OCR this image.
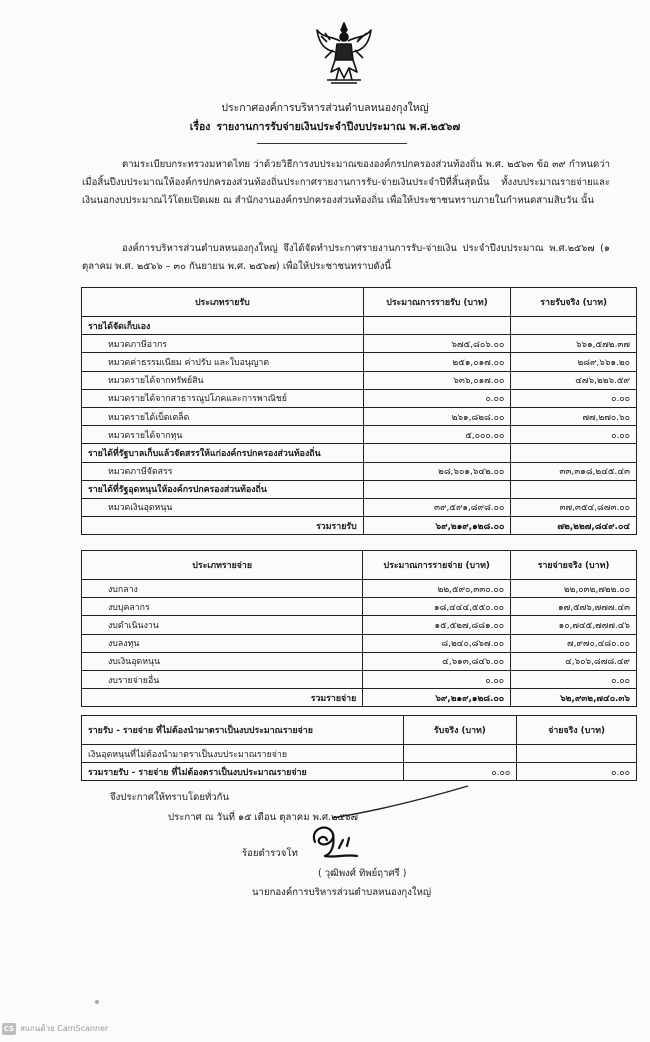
ประกาศองค์การบริหารส่วนตำบลหนองกุงใหญ่
เรื่อง รายงานการรับจ่ายเงินประจำปีงบประมาณ พ.ศ.๒๕๖๗
ตามระเบียบกระทรวงมหาดไทย ว่าด้วยวิธีการงบประมาณขององค์กรปกครองส่วนท้องถิ่น พ.ศ. ๒๕๖๓ ข้อ ๓๙ กำหนดว่าเมื่อสิ้นปีงบประมาณให้องค์กรปกครองส่วนท้องถิ่นประกาศรายงานการรับ-จ่ายเงินประจำปีที่สิ้นสุดนั้น ทั้งงบประมาณรายจ่ายและเงินนอกงบประมาณไว้โดยเปิดเผย ณ สำนักงานองค์กรปกครองส่วนท้องถิ่น เพื่อให้ประชาชนทราบภายในกำหนดสามสิบวัน นั้น
องค์การบริหารส่วนตำบลหนองกุงใหญ่ จึงได้จัดทำประกาศรายงานการรับ-จ่ายเงิน ประจำปีงบประมาณ พ.ศ.๒๕๖๗ (๑ ตุลาคม พ.ศ. ๒๕๖๖ – ๓๐ กันยายน พ.ศ. ๒๕๖๗) เพื่อให้ประชาชนทราบดังนี้
ประเภทรายรับ	ประมาณการรายรับ (บาท)	รายรับจริง (บาท)
รายได้จัดเก็บเอง		
หมวดภาษีอากร	๖๗๕,๘๐๖.๐๐	๖๖๑,๕๗๒.๓๗
หมวดค่าธรรมเนียม ค่าปรับ และใบอนุญาต	๒๕๑,๐๑๗.๐๐	๒๘๙,๖๖๑.๒๐
หมวดรายได้จากทรัพย์สิน	๖๓๖,๐๑๗.๐๐	๔๗๖,๒๒๖.๕๙
หมวดรายได้จากสาธารณูปโภคและการพาณิชย์	๐.๐๐	๐.๐๐
หมวดรายได้เบ็ดเตล็ด	๒๖๑,๘๒๘.๐๐	๗๗,๒๗๐.๖๐
หมวดรายได้จากทุน	๕,๐๐๐.๐๐	๐.๐๐
รายได้ที่รัฐบาลเก็บแล้วจัดสรรให้แก่องค์กรปกครองส่วนท้องถิ่น		
หมวดภาษีจัดสรร	๒๘,๖๐๑,๖๔๒.๐๐	๓๓,๓๑๘,๒๔๕.๔๓
รายได้ที่รัฐอุดหนุนให้องค์กรปกครองส่วนท้องถิ่น		
หมวดเงินอุดหนุน	๓๙,๕๙๑,๘๙๘.๐๐	๓๗,๓๕๔,๘๗๓.๐๐
รวมรายรับ	๖๙,๒๑๙,๑๒๘.๐๐	๗๒,๒๒๗,๘๔๙.๐๔
ประเภทรายจ่าย	ประมาณการรายจ่าย (บาท)	รายจ่ายจริง (บาท)
งบกลาง	๒๒,๕๙๐,๓๓๐.๐๐	๒๒,๐๓๒,๗๒๒.๐๐
งบบุคลากร	๑๘,๔๔๔,๕๕๐.๐๐	๑๗,๕๗๖,๗๗๗.๔๓
งบดำเนินงาน	๑๕,๕๒๗,๘๘๑.๐๐	๑๐,๗๔๕,๗๗๗.๔๖
งบลงทุน	๘,๒๔๐,๘๖๗.๐๐	๗,๙๗๐,๔๘๐.๐๐
งบเงินอุดหนุน	๔,๖๑๓,๘๔๖.๐๐	๔,๖๐๖,๘๗๘.๔๙
งบรายจ่ายอื่น	๐.๐๐	๐.๐๐
รวมรายจ่าย	๖๙,๒๑๙,๑๒๘.๐๐	๖๒,๙๓๒,๗๔๐.๓๖
รายรับ - รายจ่าย ที่ไม่ต้องนำมาตราเป็นงบประมาณรายจ่าย	รับจริง (บาท)	จ่ายจริง (บาท)
เงินอุดหนุนที่ไม่ต้องนำมาตราเป็นงบประมาณรายจ่าย		
รวมรายรับ - รายจ่าย ที่ไม่ต้องตราเป็นงบประมาณรายจ่าย	๐.๐๐	๐.๐๐
จึงประกาศให้ทราบโดยทั่วกัน
ประกาศ ณ วันที่ ๑๕ เดือน ตุลาคม พ.ศ.๒๕๖๗
ร้อยตำรวจโท
( วุฒิพงศ์ ทิพย์ฤาศรี )
นายกองค์การบริหารส่วนตำบลหนองกุงใหญ่
CS สแกนด้วย CamScanner
